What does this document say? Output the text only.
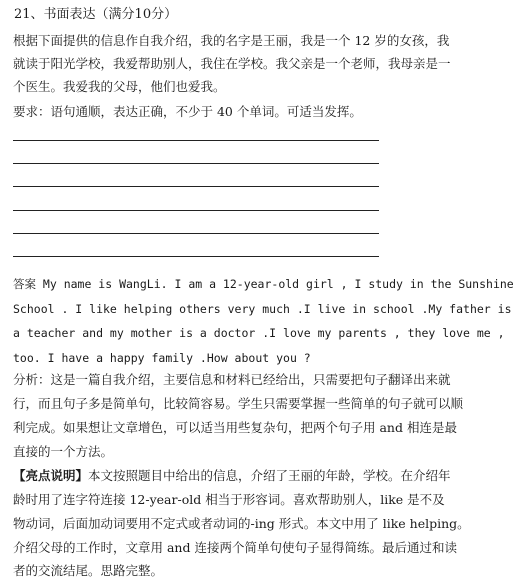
21、书面表达（满分10分）
根据下面提供的信息作自我介绍，我的名字是王丽，我是一个 12 岁的女孩，我
就读于阳光学校，我爱帮助别人，我住在学校。我父亲是一个老师，我母亲是一
个医生。我爱我的父母，他们也爱我。
要求：语句通顺，表达正确，不少于 40 个单词。可适当发挥。
答案 My name is WangLi. I am a 12-year-old girl , I study in the Sunshine
School . I like helping others very much .I live in school .My father is
a teacher and my mother is a doctor .I love my parents , they love me ,
too. I have a happy family .How about you ?
分析：这是一篇自我介绍，主要信息和材料已经给出，只需要把句子翻译出来就
行，而且句子多是简单句，比较简容易。学生只需要掌握一些简单的句子就可以顺
利完成。如果想让文章增色，可以适当用些复杂句，把两个句子用 and 相连是最
直接的一个方法。
【亮点说明】本文按照题目中给出的信息，介绍了王丽的年龄，学校。在介绍年
龄时用了连字符连接 12-year-old 相当于形容词。喜欢帮助别人，like 是不及
物动词，后面加动词要用不定式或者动词的-ing 形式。本文中用了 like helping。
介绍父母的工作时，文章用 and 连接两个简单句使句子显得简练。最后通过和读
者的交流结尾。思路完整。
